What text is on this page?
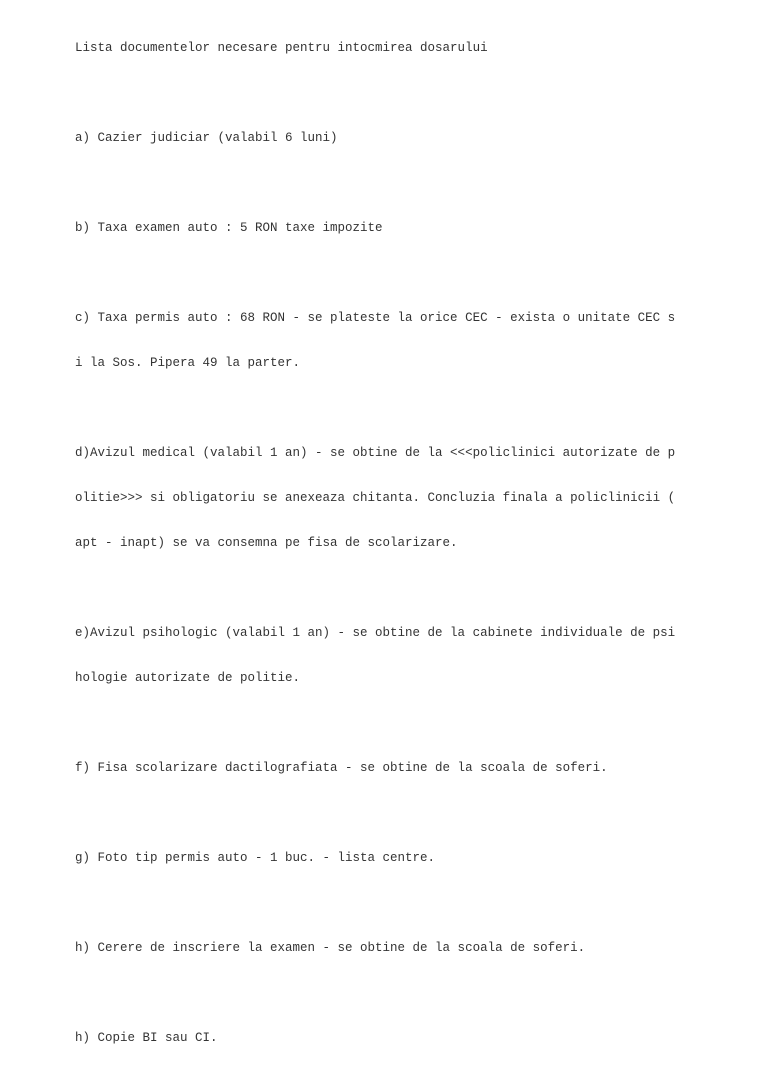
Lista documentelor necesare pentru intocmirea dosarului

a) Cazier judiciar (valabil 6 luni)

b) Taxa examen auto : 5 RON taxe impozite

c) Taxa permis auto : 68 RON - se plateste la orice CEC - exista o unitate CEC s

i la Sos. Pipera 49 la parter.

d)Avizul medical (valabil 1 an) - se obtine de la <<<policlinici autorizate de p

olitie>>> si obligatoriu se anexeaza chitanta. Concluzia finala a policlinicii (

apt - inapt) se va consemna pe fisa de scolarizare.

e)Avizul psihologic (valabil 1 an) - se obtine de la cabinete individuale de psi

hologie autorizate de politie.

f) Fisa scolarizare dactilografiata - se obtine de la scoala de soferi.

g) Foto tip permis auto - 1 buc. - lista centre.

h) Cerere de inscriere la examen - se obtine de la scoala de soferi.

h) Copie BI sau CI.
